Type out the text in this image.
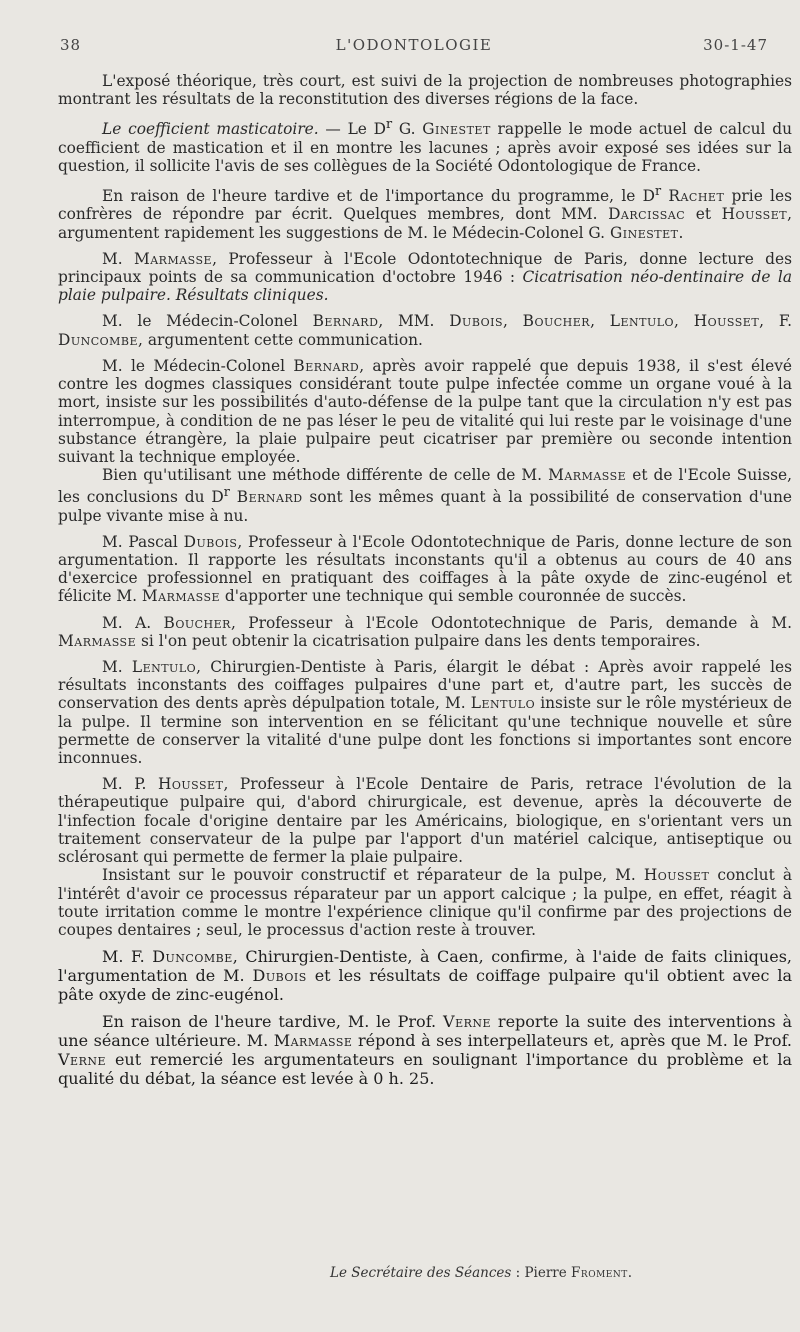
38	L'ODONTOLOGIE	30-1-47

L'exposé théorique, très court, est suivi de la projection de nombreuses photographies montrant les résultats de la reconstitution des diverses régions de la face.

Le coefficient masticatoire. — Le $D^r$ G. Ginestet rappelle le mode actuel de calcul du coefficient de mastication et il en montre les lacunes ; après avoir exposé ses idées sur la question, il sollicite l'avis de ses collègues de la Société Odontologique de France.

En raison de l'heure tardive et de l'importance du programme, le $D^r$ Rachet prie les confrères de répondre par écrit. Quelques membres, dont MM. Darcissac et Housset, argumentent rapidement les suggestions de M. le Médecin-Colonel G. Ginestet.

M. Marmasse, Professeur à l'Ecole Odontotechnique de Paris, donne lecture des principaux points de sa communication d'octobre 1946 : Cicatrisation néo-dentinaire de la plaie pulpaire. Résultats cliniques.

M. le Médecin-Colonel Bernard, MM. Dubois, Boucher, Lentulo, Housset, F. Duncombe, argumentent cette communication.

M. le Médecin-Colonel Bernard, après avoir rappelé que depuis 1938, il s'est élevé contre les dogmes classiques considérant toute pulpe infectée comme un organe voué à la mort, insiste sur les possibilités d'auto-défense de la pulpe tant que la circulation n'y est pas interrompue, à condition de ne pas léser le peu de vitalité qui lui reste par le voisinage d'une substance étrangère, la plaie pulpaire peut cicatriser par première ou seconde intention suivant la technique employée.

Bien qu'utilisant une méthode différente de celle de M. Marmasse et de l'Ecole Suisse, les conclusions du $D^r$ Bernard sont les mêmes quant à la possibilité de conservation d'une pulpe vivante mise à nu.

M. Pascal Dubois, Professeur à l'Ecole Odontotechnique de Paris, donne lecture de son argumentation. Il rapporte les résultats inconstants qu'il a obtenus au cours de 40 ans d'exercice professionnel en pratiquant des coiffages à la pâte oxyde de zinc-eugénol et félicite M. Marmasse d'apporter une technique qui semble couronnée de succès.

M. A. Boucher, Professeur à l'Ecole Odontotechnique de Paris, demande à M. Marmasse si l'on peut obtenir la cicatrisation pulpaire dans les dents temporaires.

M. Lentulo, Chirurgien-Dentiste à Paris, élargit le débat : Après avoir rappelé les résultats inconstants des coiffages pulpaires d'une part et, d'autre part, les succès de conservation des dents après dépulpation totale, M. Lentulo insiste sur le rôle mystérieux de la pulpe. Il termine son intervention en se félicitant qu'une technique nouvelle et sûre permette de conserver la vitalité d'une pulpe dont les fonctions si importantes sont encore inconnues.

M. P. Housset, Professeur à l'Ecole Dentaire de Paris, retrace l'évolution de la thérapeutique pulpaire qui, d'abord chirurgicale, est devenue, après la découverte de l'infection focale d'origine dentaire par les Américains, biologique, en s'orientant vers un traitement conservateur de la pulpe par l'apport d'un matériel calcique, antiseptique ou sclérosant qui permette de fermer la plaie pulpaire.

Insistant sur le pouvoir constructif et réparateur de la pulpe, M. Housset conclut à l'intérêt d'avoir ce processus réparateur par un apport calcique ; la pulpe, en effet, réagit à toute irritation comme le montre l'expérience clinique qu'il confirme par des projections de coupes dentaires ; seul, le processus d'action reste à trouver.

M. F. Duncombe, Chirurgien-Dentiste, à Caen, confirme, à l'aide de faits cliniques, l'argumentation de M. Dubois et les résultats de coiffage pulpaire qu'il obtient avec la pâte oxyde de zinc-eugénol.

En raison de l'heure tardive, M. le Prof. Verne reporte la suite des interventions à une séance ultérieure. M. Marmasse répond à ses interpellateurs et, après que M. le Prof. Verne eut remercié les argumentateurs en soulignant l'importance du problème et la qualité du débat, la séance est levée à 0 h. 25.

Le Secrétaire des Séances : Pierre Froment.
